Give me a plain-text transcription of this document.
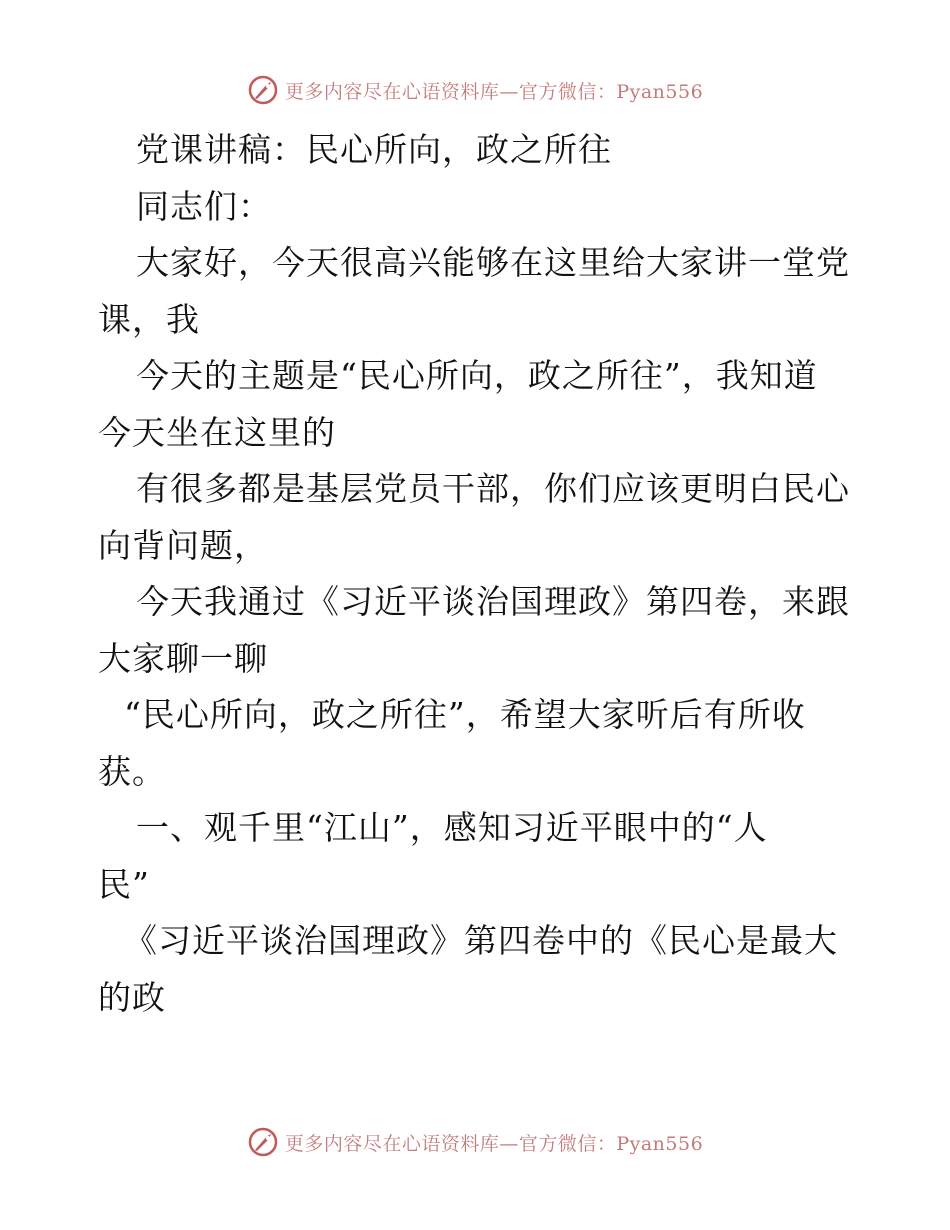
更多内容尽在心语资料库—官方微信：Pyan556
党课讲稿：民心所向，政之所往
同志们：
大家好，今天很高兴能够在这里给大家讲一堂党
课，我
今天的主题是“民心所向，政之所往”，我知道
今天坐在这里的
有很多都是基层党员干部，你们应该更明白民心
向背问题，
今天我通过《习近平谈治国理政》第四卷，来跟
大家聊一聊
“民心所向，政之所往”，希望大家听后有所收
获。
一、观千里“江山”，感知习近平眼中的“人
民”
《习近平谈治国理政》第四卷中的《民心是最大
的政
更多内容尽在心语资料库—官方微信：Pyan556
